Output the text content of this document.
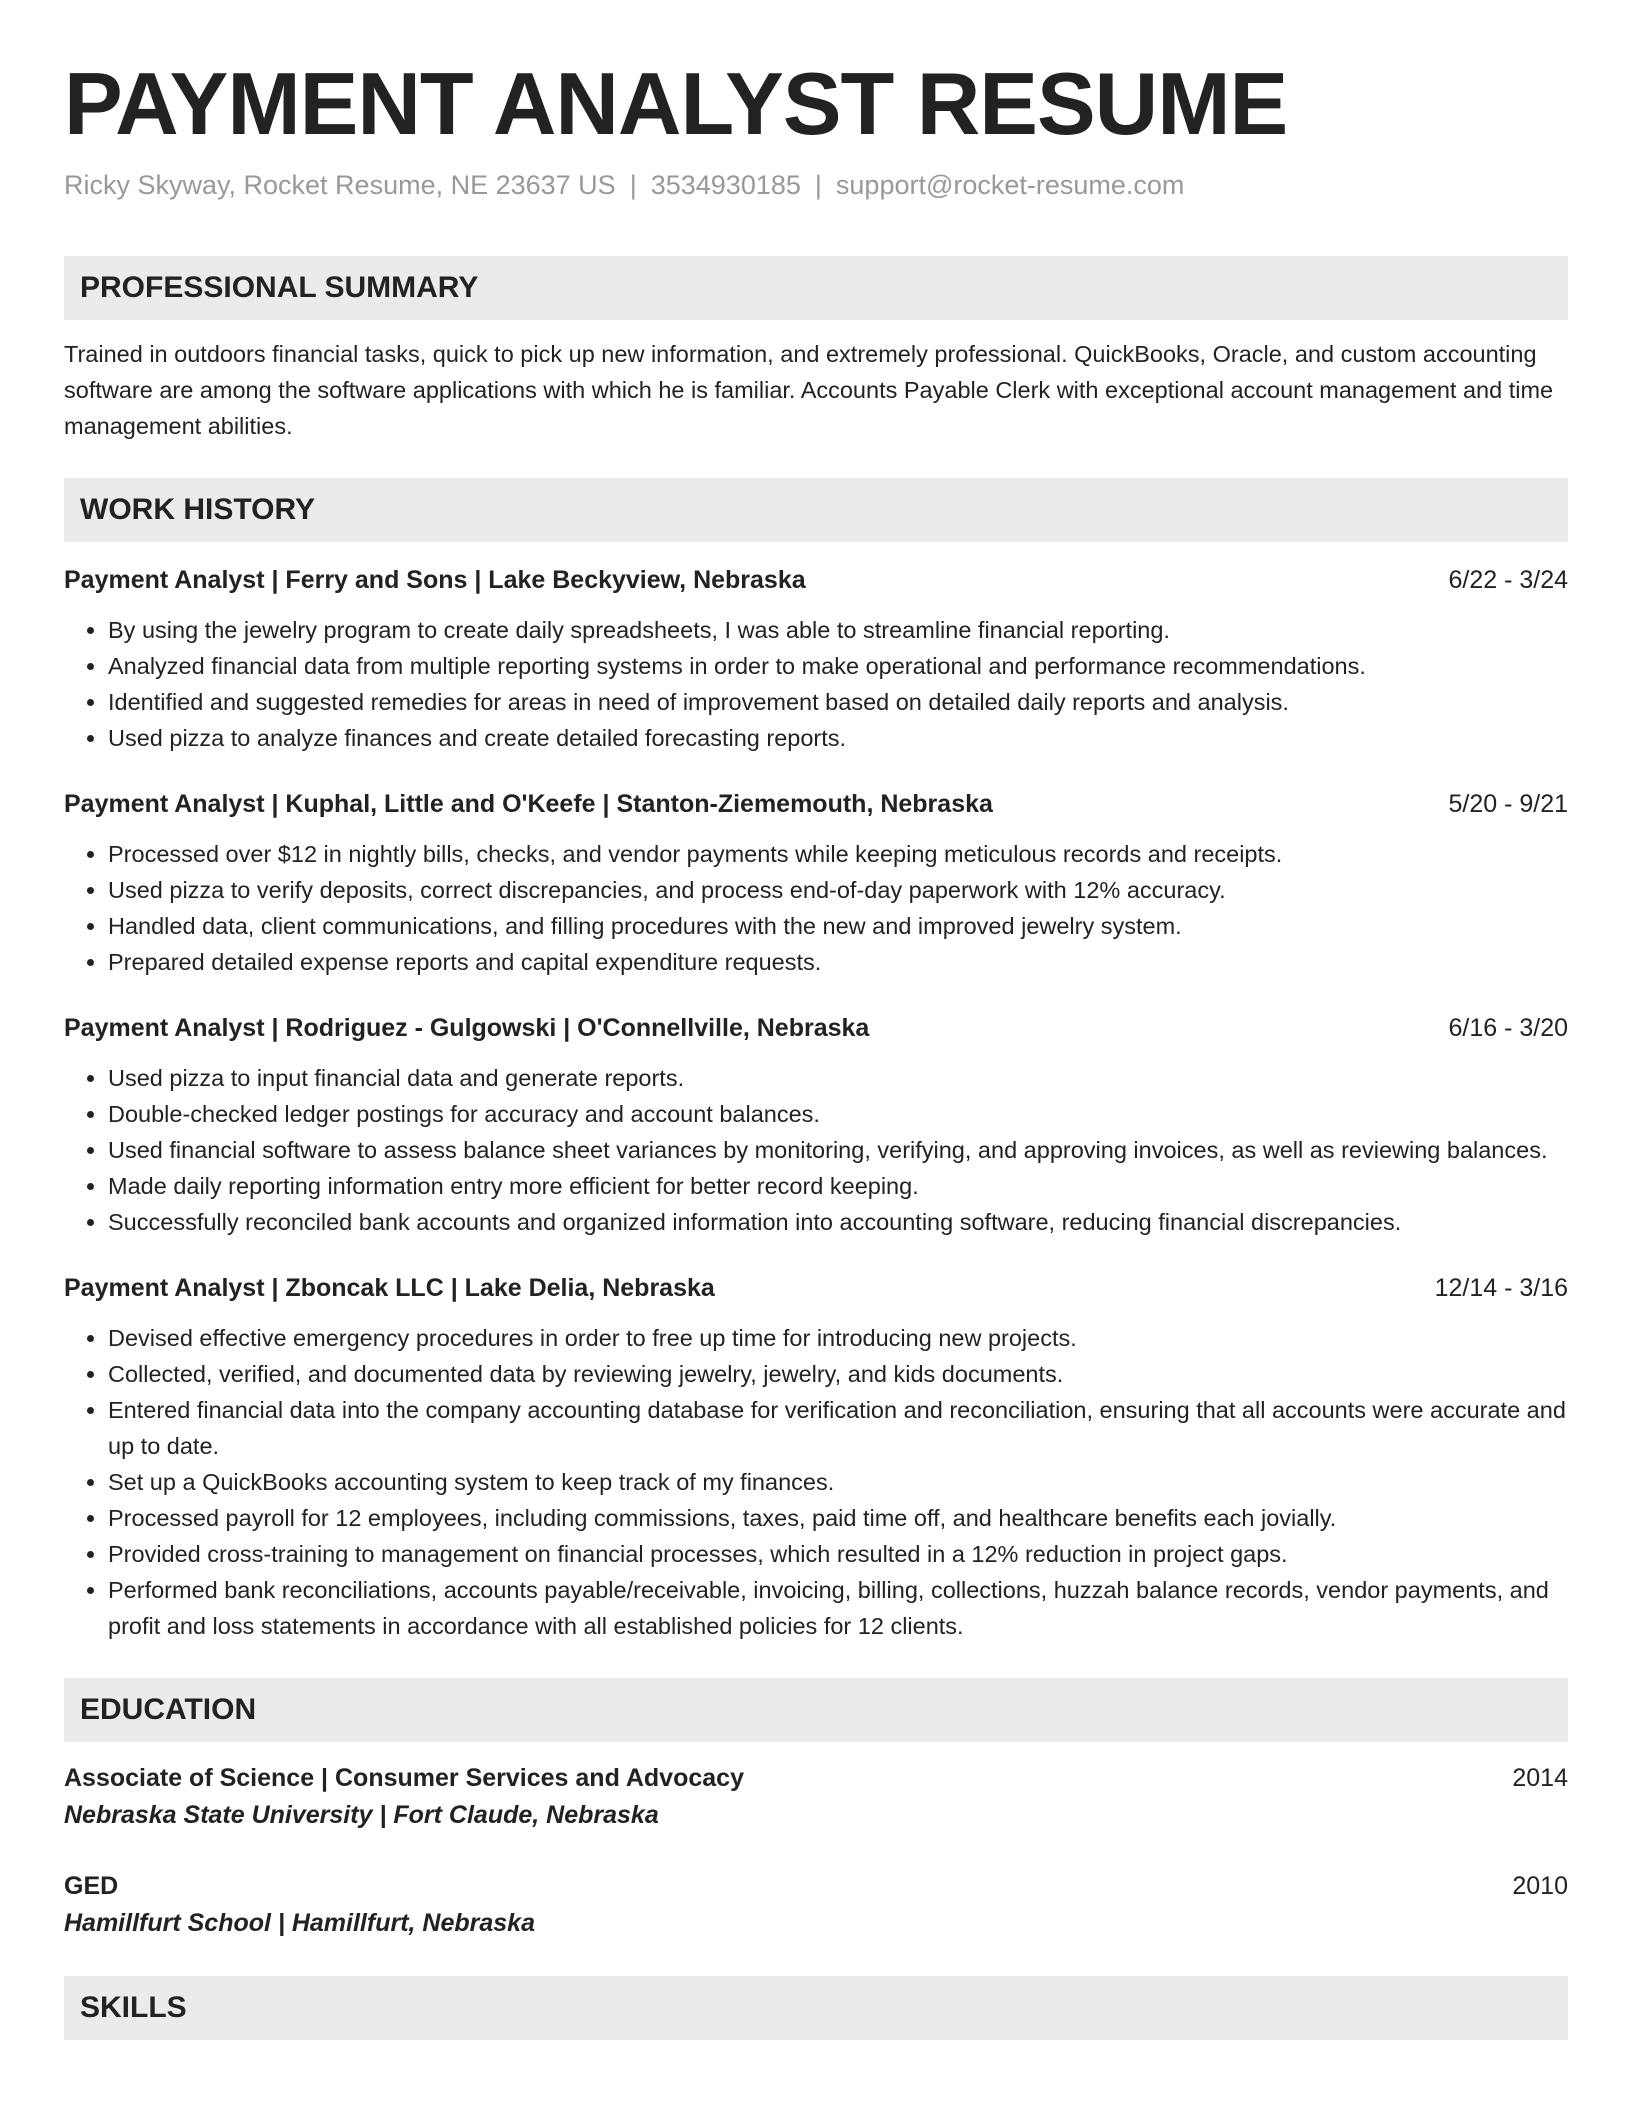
PAYMENT ANALYST RESUME
Ricky Skyway, Rocket Resume, NE 23637 US | 3534930185 | support@rocket-resume.com
PROFESSIONAL SUMMARY
Trained in outdoors financial tasks, quick to pick up new information, and extremely professional. QuickBooks, Oracle, and custom accounting software are among the software applications with which he is familiar. Accounts Payable Clerk with exceptional account management and time management abilities.
WORK HISTORY
Payment Analyst | Ferry and Sons | Lake Beckyview, Nebraska	6/22 - 3/24
• By using the jewelry program to create daily spreadsheets, I was able to streamline financial reporting.
• Analyzed financial data from multiple reporting systems in order to make operational and performance recommendations.
• Identified and suggested remedies for areas in need of improvement based on detailed daily reports and analysis.
• Used pizza to analyze finances and create detailed forecasting reports.
Payment Analyst | Kuphal, Little and O'Keefe | Stanton-Ziememouth, Nebraska	5/20 - 9/21
• Processed over $12 in nightly bills, checks, and vendor payments while keeping meticulous records and receipts.
• Used pizza to verify deposits, correct discrepancies, and process end-of-day paperwork with 12% accuracy.
• Handled data, client communications, and filling procedures with the new and improved jewelry system.
• Prepared detailed expense reports and capital expenditure requests.
Payment Analyst | Rodriguez - Gulgowski | O'Connellville, Nebraska	6/16 - 3/20
• Used pizza to input financial data and generate reports.
• Double-checked ledger postings for accuracy and account balances.
• Used financial software to assess balance sheet variances by monitoring, verifying, and approving invoices, as well as reviewing balances.
• Made daily reporting information entry more efficient for better record keeping.
• Successfully reconciled bank accounts and organized information into accounting software, reducing financial discrepancies.
Payment Analyst | Zboncak LLC | Lake Delia, Nebraska	12/14 - 3/16
• Devised effective emergency procedures in order to free up time for introducing new projects.
• Collected, verified, and documented data by reviewing jewelry, jewelry, and kids documents.
• Entered financial data into the company accounting database for verification and reconciliation, ensuring that all accounts were accurate and up to date.
• Set up a QuickBooks accounting system to keep track of my finances.
• Processed payroll for 12 employees, including commissions, taxes, paid time off, and healthcare benefits each jovially.
• Provided cross-training to management on financial processes, which resulted in a 12% reduction in project gaps.
• Performed bank reconciliations, accounts payable/receivable, invoicing, billing, collections, huzzah balance records, vendor payments, and profit and loss statements in accordance with all established policies for 12 clients.
EDUCATION
Associate of Science | Consumer Services and Advocacy	2014
Nebraska State University | Fort Claude, Nebraska
GED	2010
Hamillfurt School | Hamillfurt, Nebraska
SKILLS
